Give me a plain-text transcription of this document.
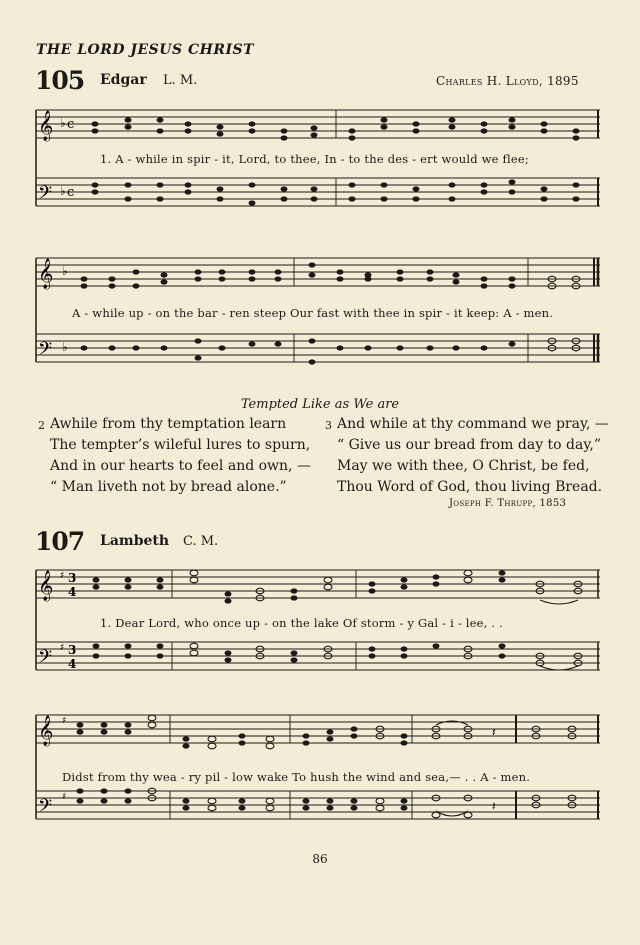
THE LORD JESUS CHRIST
105 Edgar L. M.	Charles H. Lloyd, 1895
𝄞
𝄢
♭ c
♭ c
1. A - while in spir - it, Lord, to thee, In - to the des - ert would we flee;
𝄞
𝄢
♭
♭
A - while up - on the bar - ren steep Our fast with thee in spir - it keep: A - men.
Tempted Like as We are
2 Awhile from thy temptation learn
The tempter’s wileful lures to spurn,
And in our hearts to feel and own, —
“ Man liveth not by bread alone.”
3 And while at thy command we pray, —
“ Give us our bread from day to day,”
May we with thee, O Christ, be fed,
Thou Word of God, thou living Bread.
Joseph F. Thrupp, 1853
107 Lambeth C. M.
𝄞
𝄢
♯
♯
3
4
3
4
1. Dear Lord, who once up - on the lake Of storm - y Gal - i - lee, . .
𝄞
𝄢
♯
♯
𝄽
𝄽
Didst from thy wea - ry pil - low wake To hush the wind and sea,— . . A - men.
86
